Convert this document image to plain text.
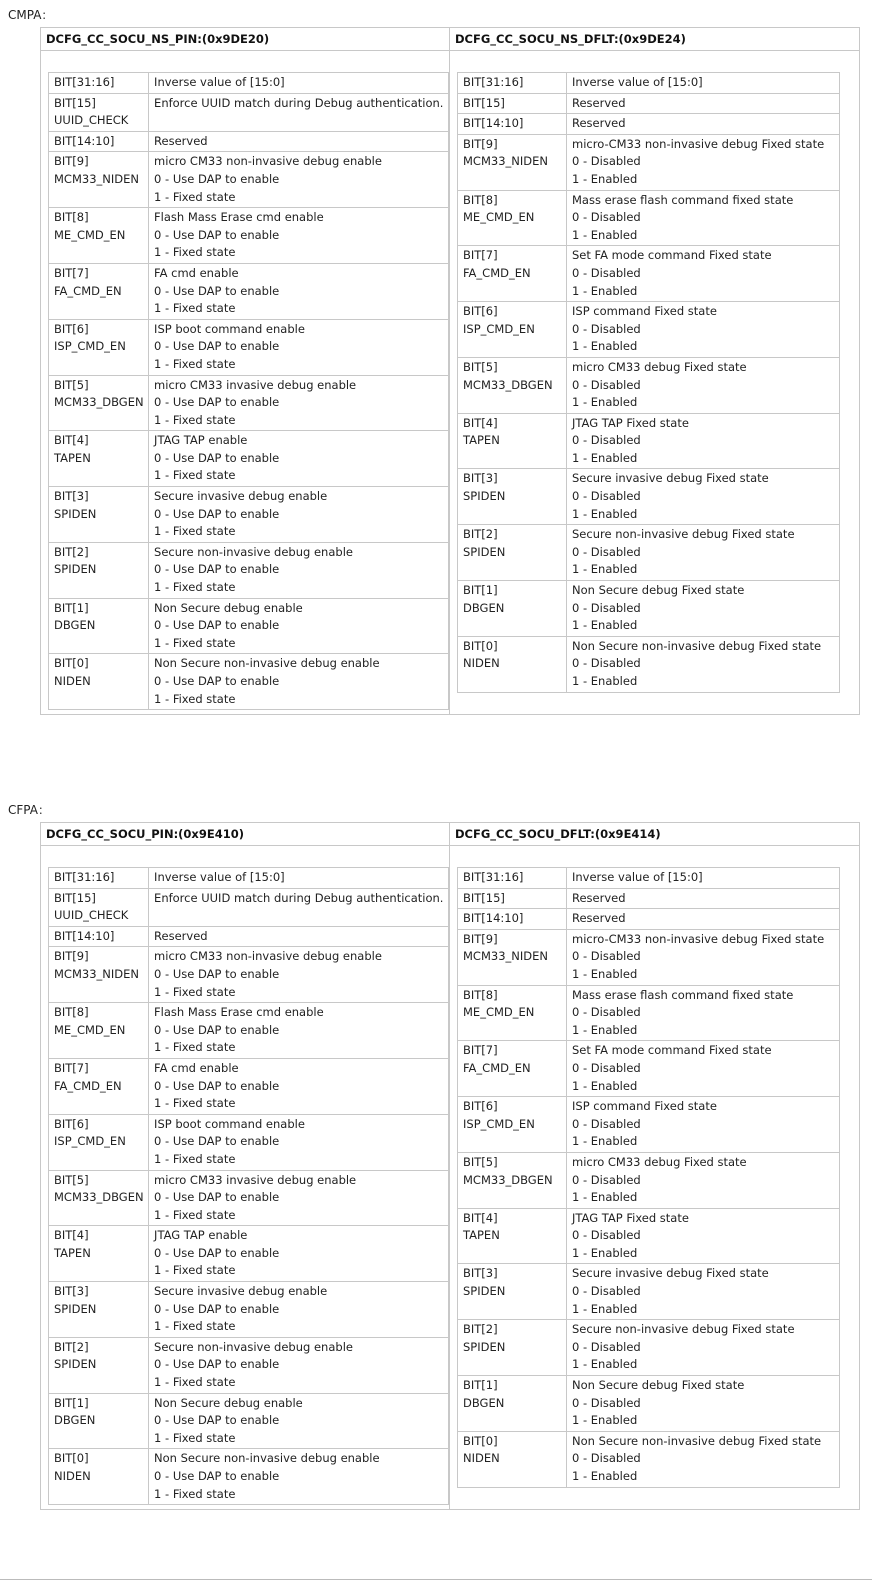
CMPA：
DCFG_CC_SOCU_NS_PIN:(0x9DE20)
BIT[31:16]	Inverse value of [15:0]

BIT[15]
UUID_CHECK	Enforce UUID match during Debug authentication.

BIT[14:10]	Reserved

BIT[9]
MCM33_NIDEN	micro CM33 non-invasive debug enable
0 - Use DAP to enable
1 - Fixed state

BIT[8]
ME_CMD_EN	Flash Mass Erase cmd enable
0 - Use DAP to enable
1 - Fixed state

BIT[7]
FA_CMD_EN	FA cmd enable
0 - Use DAP to enable
1 - Fixed state

BIT[6]
ISP_CMD_EN	ISP boot command enable
0 - Use DAP to enable
1 - Fixed state

BIT[5]
MCM33_DBGEN	micro CM33 invasive debug enable
0 - Use DAP to enable
1 - Fixed state

BIT[4]
TAPEN	JTAG TAP enable
0 - Use DAP to enable
1 - Fixed state

BIT[3]
SPIDEN	Secure invasive debug enable
0 - Use DAP to enable
1 - Fixed state

BIT[2]
SPIDEN	Secure non-invasive debug enable
0 - Use DAP to enable
1 - Fixed state

BIT[1]
DBGEN	Non Secure debug enable
0 - Use DAP to enable
1 - Fixed state

BIT[0]
NIDEN	Non Secure non-invasive debug enable
0 - Use DAP to enable
1 - Fixed state
DCFG_CC_SOCU_NS_DFLT:(0x9DE24)
BIT[31:16]	Inverse value of [15:0]

BIT[15]	Reserved

BIT[14:10]	Reserved

BIT[9]
MCM33_NIDEN	micro-CM33 non-invasive debug Fixed state
0 - Disabled
1 - Enabled

BIT[8]
ME_CMD_EN	Mass erase flash command fixed state
0 - Disabled
1 - Enabled

BIT[7]
FA_CMD_EN	Set FA mode command Fixed state
0 - Disabled
1 - Enabled

BIT[6]
ISP_CMD_EN	ISP command Fixed state
0 - Disabled
1 - Enabled

BIT[5]
MCM33_DBGEN	micro CM33 debug Fixed state
0 - Disabled
1 - Enabled

BIT[4]
TAPEN	JTAG TAP Fixed state
0 - Disabled
1 - Enabled

BIT[3]
SPIDEN	Secure invasive debug Fixed state
0 - Disabled
1 - Enabled

BIT[2]
SPIDEN	Secure non-invasive debug Fixed state
0 - Disabled
1 - Enabled

BIT[1]
DBGEN	Non Secure debug Fixed state
0 - Disabled
1 - Enabled

BIT[0]
NIDEN	Non Secure non-invasive debug Fixed state
0 - Disabled
1 - Enabled
CFPA：
DCFG_CC_SOCU_PIN:(0x9E410)
BIT[31:16]	Inverse value of [15:0]

BIT[15]
UUID_CHECK	Enforce UUID match during Debug authentication.

BIT[14:10]	Reserved

BIT[9]
MCM33_NIDEN	micro CM33 non-invasive debug enable
0 - Use DAP to enable
1 - Fixed state

BIT[8]
ME_CMD_EN	Flash Mass Erase cmd enable
0 - Use DAP to enable
1 - Fixed state

BIT[7]
FA_CMD_EN	FA cmd enable
0 - Use DAP to enable
1 - Fixed state

BIT[6]
ISP_CMD_EN	ISP boot command enable
0 - Use DAP to enable
1 - Fixed state

BIT[5]
MCM33_DBGEN	micro CM33 invasive debug enable
0 - Use DAP to enable
1 - Fixed state

BIT[4]
TAPEN	JTAG TAP enable
0 - Use DAP to enable
1 - Fixed state

BIT[3]
SPIDEN	Secure invasive debug enable
0 - Use DAP to enable
1 - Fixed state

BIT[2]
SPIDEN	Secure non-invasive debug enable
0 - Use DAP to enable
1 - Fixed state

BIT[1]
DBGEN	Non Secure debug enable
0 - Use DAP to enable
1 - Fixed state

BIT[0]
NIDEN	Non Secure non-invasive debug enable
0 - Use DAP to enable
1 - Fixed state
DCFG_CC_SOCU_DFLT:(0x9E414)
BIT[31:16]	Inverse value of [15:0]

BIT[15]	Reserved

BIT[14:10]	Reserved

BIT[9]
MCM33_NIDEN	micro-CM33 non-invasive debug Fixed state
0 - Disabled
1 - Enabled

BIT[8]
ME_CMD_EN	Mass erase flash command fixed state
0 - Disabled
1 - Enabled

BIT[7]
FA_CMD_EN	Set FA mode command Fixed state
0 - Disabled
1 - Enabled

BIT[6]
ISP_CMD_EN	ISP command Fixed state
0 - Disabled
1 - Enabled

BIT[5]
MCM33_DBGEN	micro CM33 debug Fixed state
0 - Disabled
1 - Enabled

BIT[4]
TAPEN	JTAG TAP Fixed state
0 - Disabled
1 - Enabled

BIT[3]
SPIDEN	Secure invasive debug Fixed state
0 - Disabled
1 - Enabled

BIT[2]
SPIDEN	Secure non-invasive debug Fixed state
0 - Disabled
1 - Enabled

BIT[1]
DBGEN	Non Secure debug Fixed state
0 - Disabled
1 - Enabled

BIT[0]
NIDEN	Non Secure non-invasive debug Fixed state
0 - Disabled
1 - Enabled
